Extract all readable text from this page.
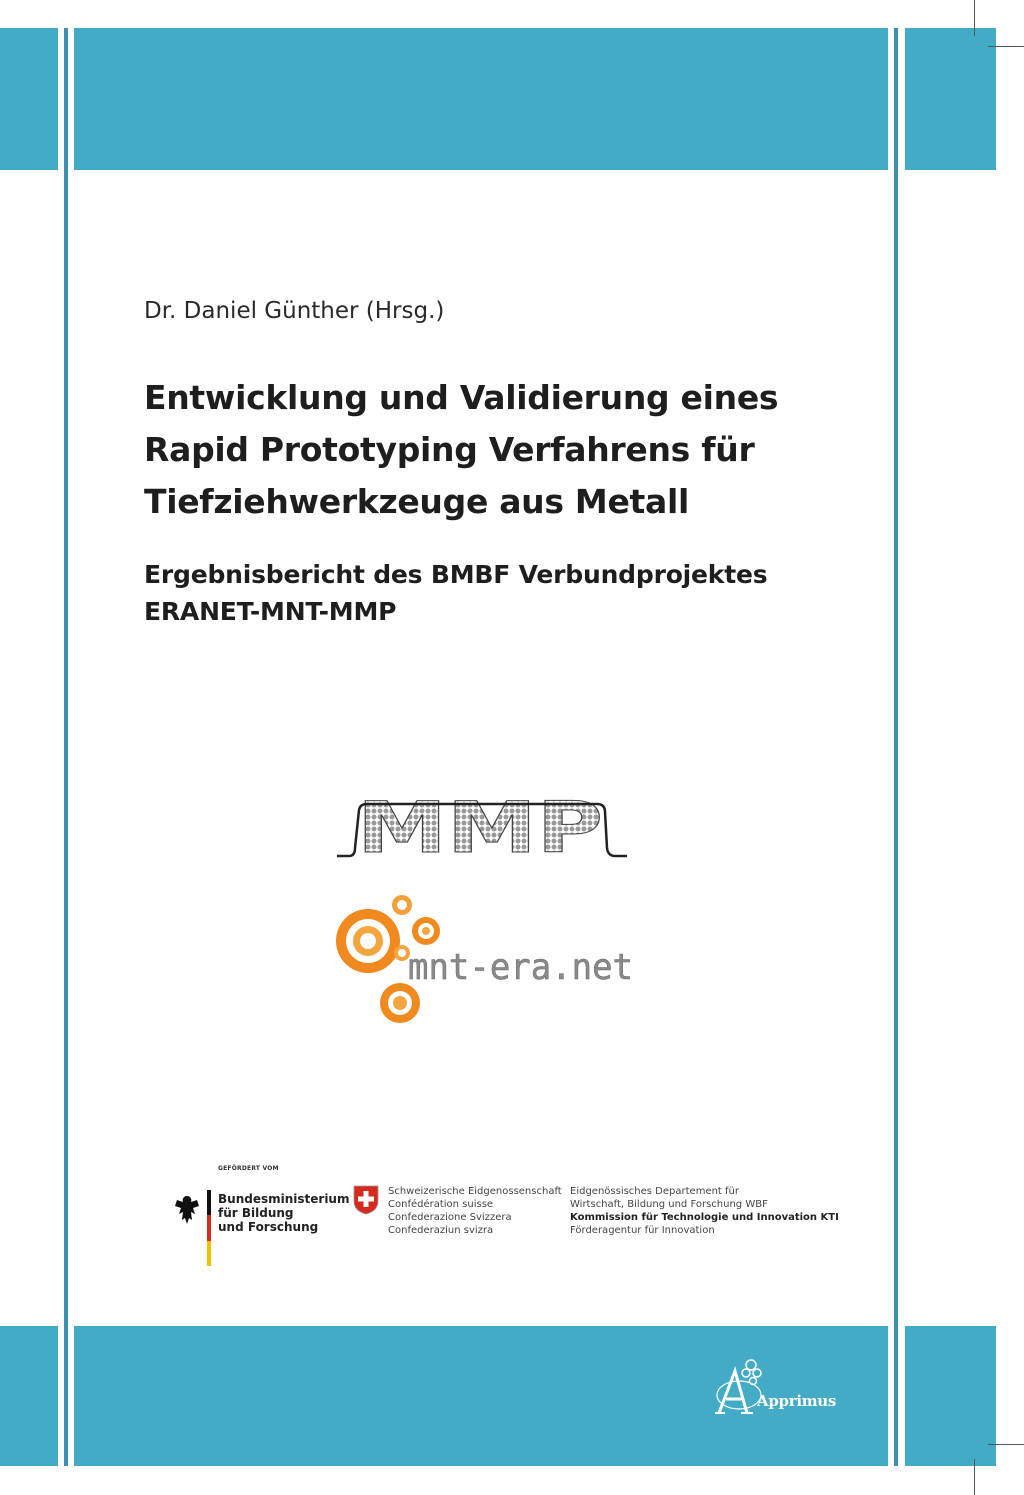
Dr. Daniel Günther (Hrsg.)
Entwicklung und Validierung eines
Rapid Prototyping Verfahrens für
Tiefziehwerkzeuge aus Metall
Ergebnisbericht des BMBF Verbundprojektes
ERANET-MNT-MMP
MMP
mnt-era.net
GEFÖRDERT VOM
Bundesministerium
für Bildung
und Forschung
Schweizerische Eidgenossenschaft
Confédération suisse
Confederazione Svizzera
Confederaziun svizra
Eidgenössisches Departement für
Wirtschaft, Bildung und Forschung WBF
Kommission für Technologie und Innovation KTI
Förderagentur für Innovation
Apprimus
